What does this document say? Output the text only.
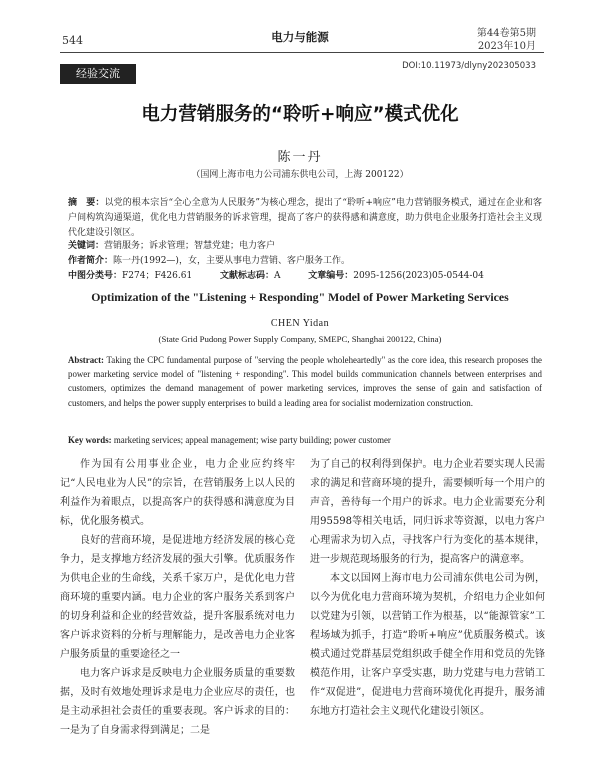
544	电力与能源	第44卷第5期
2023年10月
经验交流
DOI:10.11973/dlyny202305033
电力营销服务的“聆听+响应”模式优化
陈一丹
（国网上海市电力公司浦东供电公司，上海 200122）
摘　要：以党的根本宗旨“全心全意为人民服务”为核心理念，提出了“聆听+响应”电力营销服务模式，通过在企业和客户间构筑沟通渠道，优化电力营销服务的诉求管理，提高了客户的获得感和满意度，助力供电企业服务打造社会主义现代化建设引领区。
关键词：营销服务；诉求管理；智慧党建；电力客户
作者简介：陈一丹(1992—)，女，主要从事电力营销、客户服务工作。
中图分类号：F274；F426.61	文献标志码：A	文章编号：2095-1256(2023)05-0544-04
Optimization of the "Listening + Responding" Model of Power Marketing Services
CHEN Yidan
(State Grid Pudong Power Supply Company, SMEPC, Shanghai 200122, China)
Abstract: Taking the CPC fundamental purpose of "serving the people wholeheartedly" as the core idea, this research proposes the power marketing service model of "listening + responding". This model builds communication channels between enterprises and customers, optimizes the demand management of power marketing services, improves the sense of gain and satisfaction of customers, and helps the power supply enterprises to build a leading area for socialist modernization construction.
Key words: marketing services; appeal management; wise party building; power customer

作为国有公用事业企业，电力企业应约终牢记“人民电业为人民”的宗旨，在营销服务上以人民的利益作为着眼点，以提高客户的获得感和满意度为目标，优化服务模式。

良好的营商环境，是促进地方经济发展的核心竞争力，是支撑地方经济发展的强大引擎。优质服务作为供电企业的生命线，关系千家万户，是优化电力营商环境的重要内涵。电力企业的客户服务关系到客户的切身利益和企业的经营效益，提升客服系统对电力客户诉求资料的分析与理解能力，是改善电力企业客户服务质量的重要途径之一

电力客户诉求是反映电力企业服务质量的重要数据，及时有效地处理诉求是电力企业应尽的责任，也是主动承担社会责任的重要表现。客户诉求的目的：一是为了自身需求得到满足；二是

为了自己的权利得到保护。电力企业若要实现人民需求的满足和营商环境的提升，需要倾听每一个用户的声音，善待每一个用户的诉求。电力企业需要充分利用95598等相关电话，同归诉求等资源，以电力客户心理需求为切入点，寻找客户行为变化的基本规律，进一步规范现场服务的行为，提高客户的满意率。

本文以国网上海市电力公司浦东供电公司为例，以今为优化电力营商环境为契机，介绍电力企业如何以党建为引领，以营销工作为根基，以“能源管家”工程场域为抓手，打造“聆听+响应”优质服务模式。该模式通过党群基层党组织政手健全作用和党员的先锋模范作用，让客户享受实惠，助力党建与电力营销工作“双促进”，促进电力营商环境优化再提升，服务浦东地方打造社会主义现代化建设引领区。
